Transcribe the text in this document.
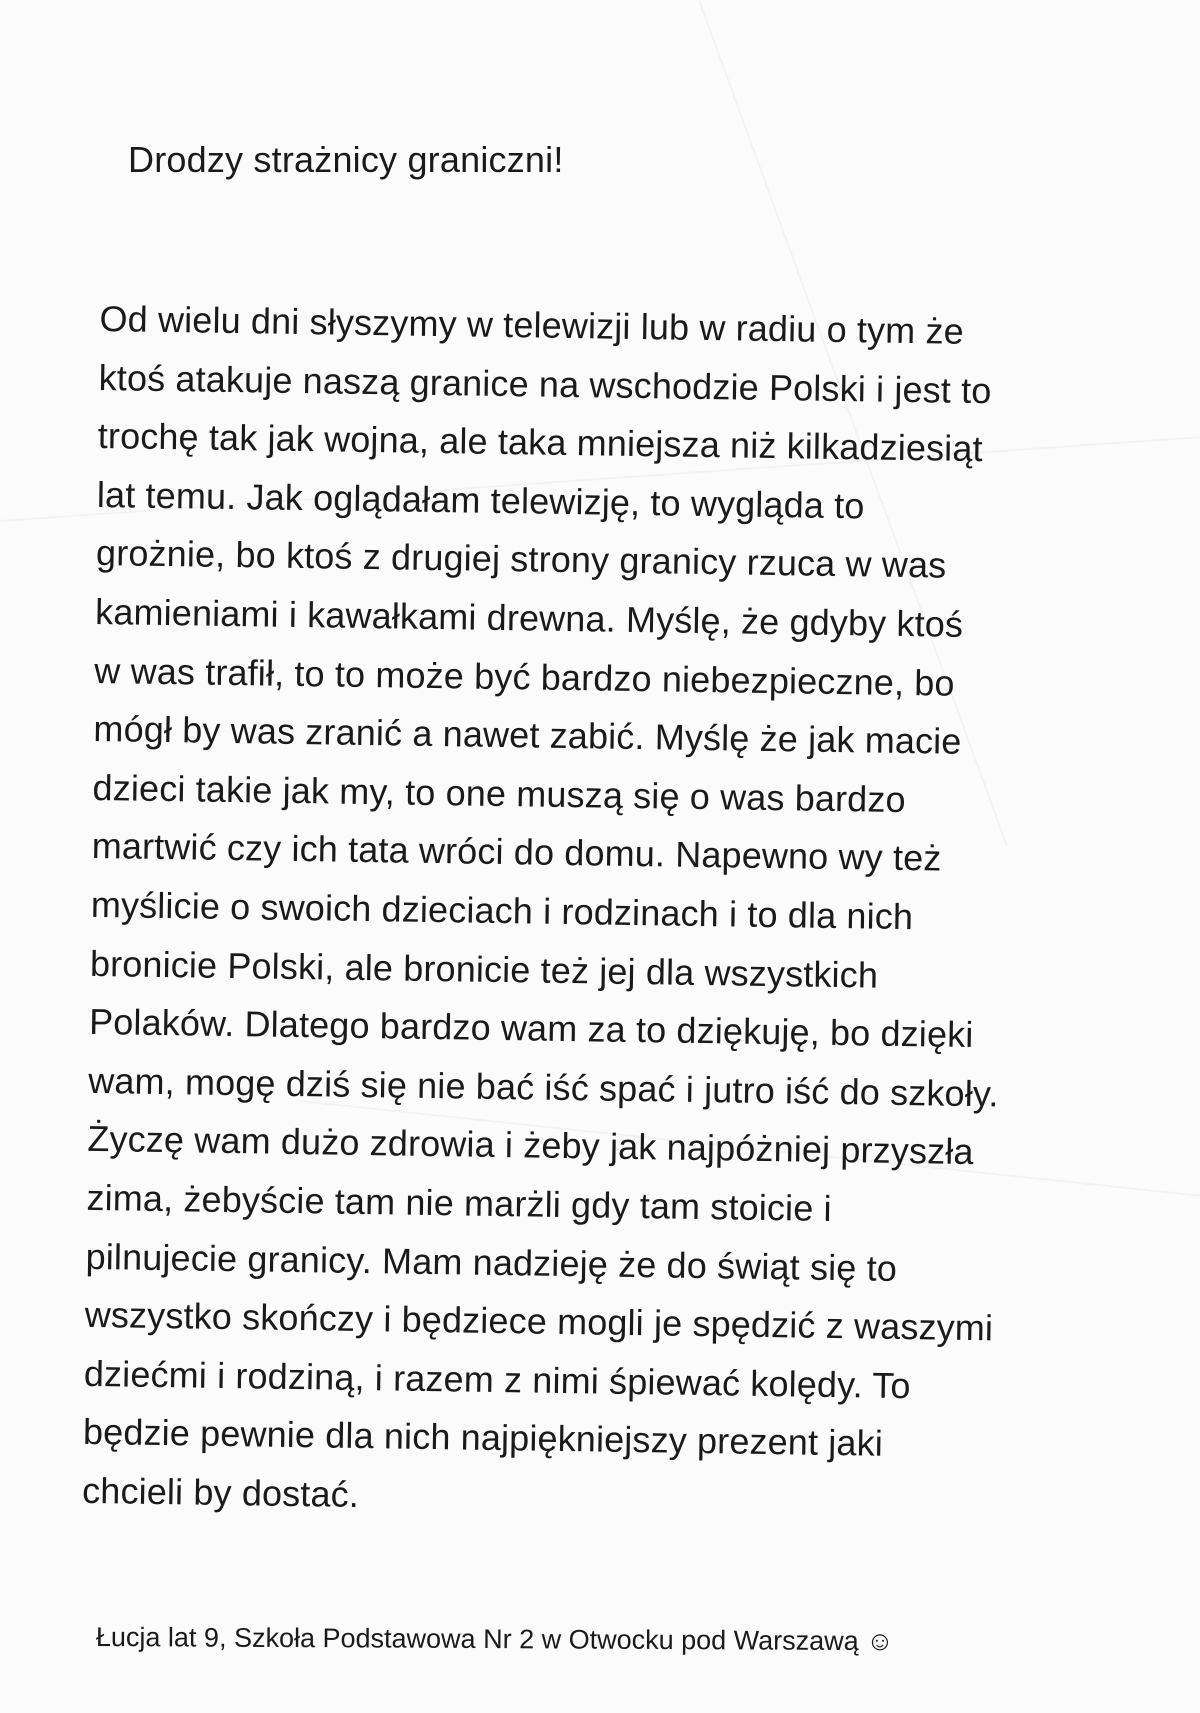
Drodzy strażnicy graniczni!
Od wielu dni słyszymy w telewizji lub w radiu o tym że
ktoś atakuje naszą granice na wschodzie Polski i jest to
trochę tak jak wojna, ale taka mniejsza niż kilkadziesiąt
lat temu. Jak oglądałam telewizję, to wygląda to
grożnie, bo ktoś z drugiej strony granicy rzuca w was
kamieniami i kawałkami drewna. Myślę, że gdyby ktoś
w was trafił, to to może być bardzo niebezpieczne, bo
mógł by was zranić a nawet zabić. Myślę że jak macie
dzieci takie jak my, to one muszą się o was bardzo
martwić czy ich tata wróci do domu. Napewno wy też
myślicie o swoich dzieciach i rodzinach i to dla nich
bronicie Polski, ale bronicie też jej dla wszystkich
Polaków. Dlatego bardzo wam za to dziękuję, bo dzięki
wam, mogę dziś się nie bać iść spać i jutro iść do szkoły.
Życzę wam dużo zdrowia i żeby jak najpóżniej przyszła
zima, żebyście tam nie marżli gdy tam stoicie i
pilnujecie granicy. Mam nadzieję że do świąt się to
wszystko skończy i będziece mogli je spędzić z waszymi
dziećmi i rodziną, i razem z nimi śpiewać kolędy. To
będzie pewnie dla nich najpiękniejszy prezent jaki
chcieli by dostać.
Łucja lat 9, Szkoła Podstawowa Nr 2 w Otwocku pod Warszawą ☺
